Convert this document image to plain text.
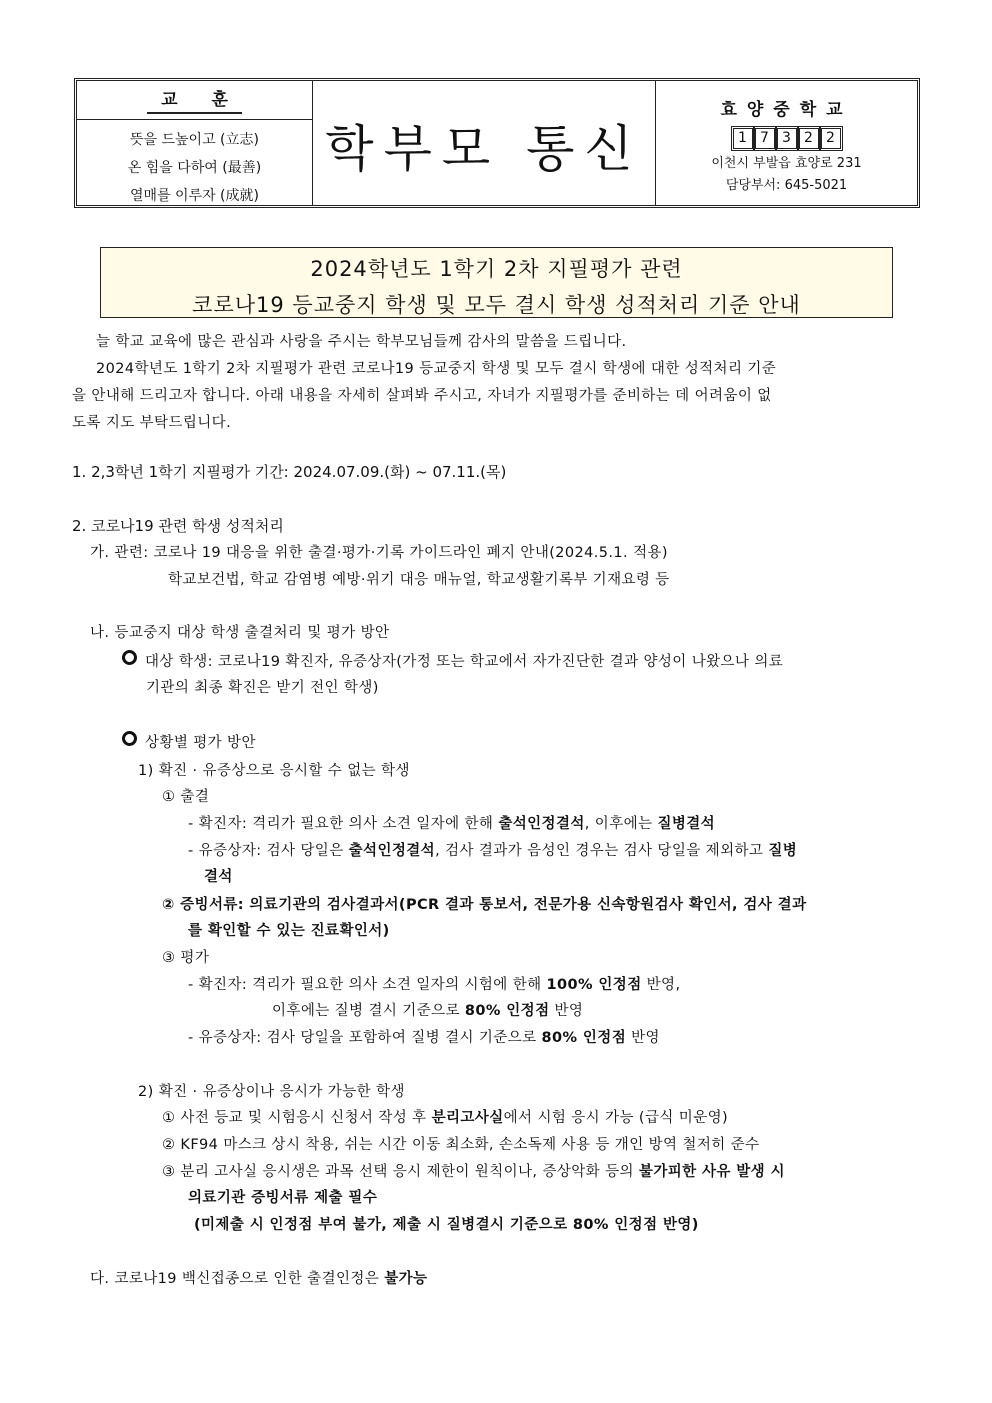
교 훈
뜻을 드높이고 (立志)
온 힘을 다하여 (最善)
열매를 이루자 (成就)
학부모 통신
효양중학교
1 7 3 2 2
이천시 부발읍 효양로 231
담당부서: 645-5021
2024학년도 1학기 2차 지필평가 관련
코로나19 등교중지 학생 및 모두 결시 학생 성적처리 기준 안내
늘 학교 교육에 많은 관심과 사랑을 주시는 학부모님들께 감사의 말씀을 드립니다.
2024학년도 1학기 2차 지필평가 관련 코로나19 등교중지 학생 및 모두 결시 학생에 대한 성적처리 기준
을 안내해 드리고자 합니다. 아래 내용을 자세히 살펴봐 주시고, 자녀가 지필평가를 준비하는 데 어려움이 없
도록 지도 부탁드립니다.
1. 2,3학년 1학기 지필평가 기간: 2024.07.09.(화) ~ 07.11.(목)
2. 코로나19 관련 학생 성적처리
가. 관련: 코로나 19 대응을 위한 출결·평가·기록 가이드라인 폐지 안내(2024.5.1. 적용)
학교보건법, 학교 감염병 예방·위기 대응 매뉴얼, 학교생활기록부 기재요령 등
나. 등교중지 대상 학생 출결처리 및 평가 방안
대상 학생: 코로나19 확진자, 유증상자(가정 또는 학교에서 자가진단한 결과 양성이 나왔으나 의료
기관의 최종 확진은 받기 전인 학생)
상황별 평가 방안
1) 확진 · 유증상으로 응시할 수 없는 학생
① 출결
- 확진자: 격리가 필요한 의사 소견 일자에 한해 출석인정결석, 이후에는 질병결석
- 유증상자: 검사 당일은 출석인정결석, 검사 결과가 음성인 경우는 검사 당일을 제외하고 질병
결석
② 증빙서류: 의료기관의 검사결과서(PCR 결과 통보서, 전문가용 신속항원검사 확인서, 검사 결과
를 확인할 수 있는 진료확인서)
③ 평가
- 확진자: 격리가 필요한 의사 소견 일자의 시험에 한해 100% 인정점 반영,
이후에는 질병 결시 기준으로 80% 인정점 반영
- 유증상자: 검사 당일을 포함하여 질병 결시 기준으로 80% 인정점 반영
2) 확진 · 유증상이나 응시가 가능한 학생
① 사전 등교 및 시험응시 신청서 작성 후 분리고사실에서 시험 응시 가능 (급식 미운영)
② KF94 마스크 상시 착용, 쉬는 시간 이동 최소화, 손소독제 사용 등 개인 방역 철저히 준수
③ 분리 고사실 응시생은 과목 선택 응시 제한이 원칙이나, 증상악화 등의 불가피한 사유 발생 시
의료기관 증빙서류 제출 필수
(미제출 시 인정점 부여 불가, 제출 시 질병결시 기준으로 80% 인정점 반영)
다. 코로나19 백신접종으로 인한 출결인정은 불가능
